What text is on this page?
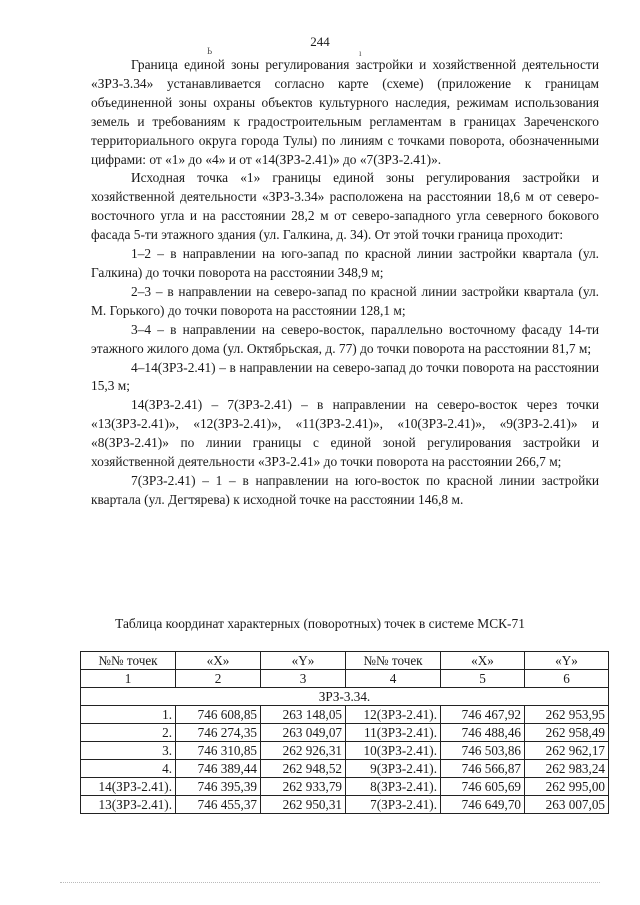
244
Ь	ı

Граница единой зоны регулирования застройки и хозяйственной деятельности «ЗРЗ-3.34» устанавливается согласно карте (схеме) (приложение к границам объединенной зоны охраны объектов культурного наследия, режимам использования земель и требованиям к градостроительным регламентам в границах Зареченского территориального округа города Тулы) по линиям с точками поворота, обозначенными цифрами: от «1» до «4» и от «14(ЗРЗ-2.41)» до «7(ЗРЗ-2.41)».

Исходная точка «1» границы единой зоны регулирования застройки и хозяйственной деятельности «ЗРЗ-3.34» расположена на расстоянии 18,6 м от северо-восточного угла и на расстоянии 28,2 м от северо-западного угла северного бокового фасада 5-ти этажного здания (ул. Галкина, д. 34). От этой точки граница проходит:

1–2 – в направлении на юго-запад по красной линии застройки квартала (ул. Галкина) до точки поворота на расстоянии 348,9 м;

2–3 – в направлении на северо-запад по красной линии застройки квартала (ул. М. Горького) до точки поворота на расстоянии 128,1 м;

3–4 – в направлении на северо-восток, параллельно восточному фасаду 14-ти этажного жилого дома (ул. Октябрьская, д. 77) до точки поворота на расстоянии 81,7 м;

4–14(ЗРЗ-2.41) – в направлении на северо-запад до точки поворота на расстоянии 15,3 м;

14(ЗРЗ-2.41) – 7(ЗРЗ-2.41) – в направлении на северо-восток через точки «13(ЗРЗ-2.41)», «12(ЗРЗ-2.41)», «11(ЗРЗ-2.41)», «10(ЗРЗ-2.41)», «9(ЗРЗ-2.41)» и «8(ЗРЗ-2.41)» по линии границы с единой зоной регулирования застройки и хозяйственной деятельности «ЗРЗ-2.41» до точки поворота на расстоянии 266,7 м;

7(ЗРЗ-2.41) – 1 – в направлении на юго-восток по красной линии застройки квартала (ул. Дегтярева) к исходной точке на расстоянии 146,8 м.

Таблица координат характерных (поворотных) точек в системе МСК-71
№№ точек	«X»	«Y»	№№ точек	«X»	«Y»
1	2	3	4	5	6
ЗРЗ-3.34.					
1.	746 608,85	263 148,05	12(ЗРЗ-2.41).	746 467,92	262 953,95
2.	746 274,35	263 049,07	11(ЗРЗ-2.41).	746 488,46	262 958,49
3.	746 310,85	262 926,31	10(ЗРЗ-2.41).	746 503,86	262 962,17
4.	746 389,44	262 948,52	9(ЗРЗ-2.41).	746 566,87	262 983,24
14(ЗРЗ-2.41).	746 395,39	262 933,79	8(ЗРЗ-2.41).	746 605,69	262 995,00
13(ЗРЗ-2.41).	746 455,37	262 950,31	7(ЗРЗ-2.41).	746 649,70	263 007,05
